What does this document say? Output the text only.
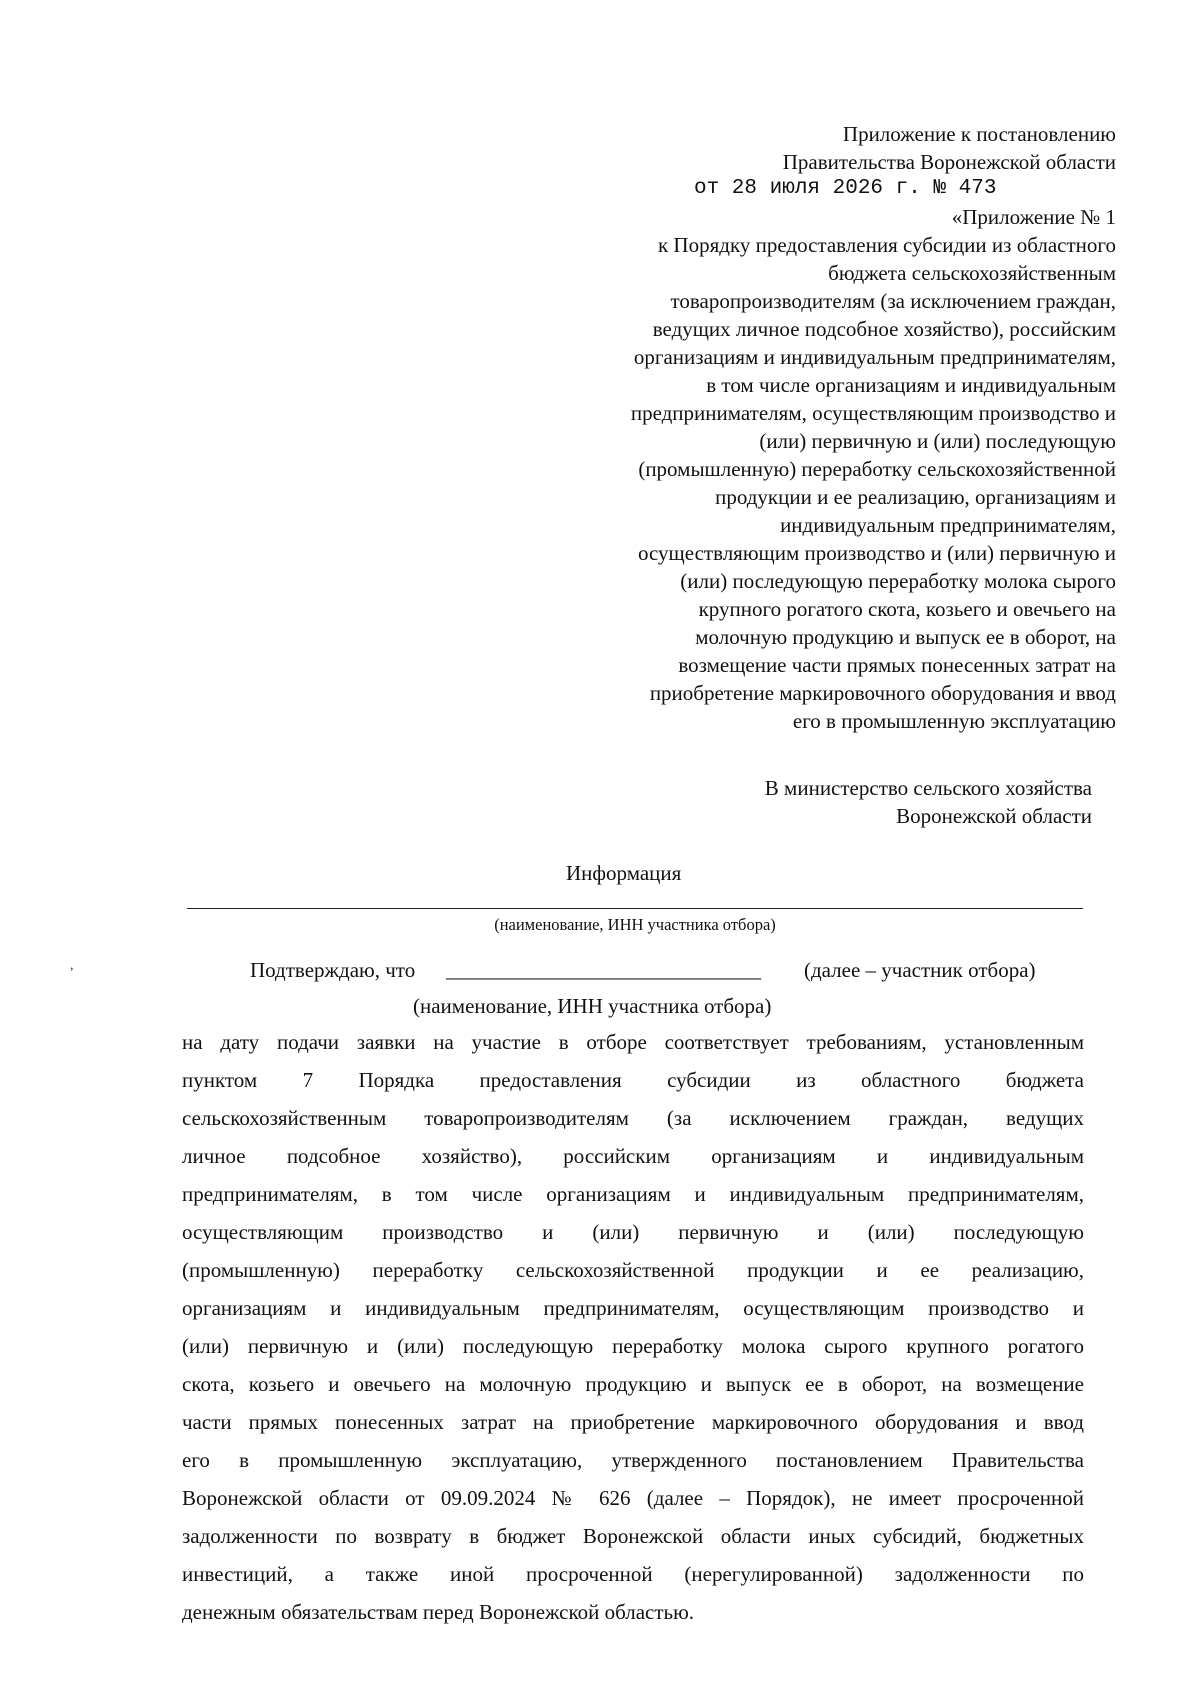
Приложение к постановлению

Правительства Воронежской области

от 28 июля 2026 г. № 473

«Приложение № 1

к Порядку предоставления субсидии из областного

бюджета сельскохозяйственным

товаропроизводителям (за исключением граждан,

ведущих личное подсобное хозяйство), российским

организациям и индивидуальным предпринимателям,

в том числе организациям и индивидуальным

предпринимателям, осуществляющим производство и

(или) первичную и (или) последующую

(промышленную) переработку сельскохозяйственной

продукции и ее реализацию, организациям и

индивидуальным предпринимателям,

осуществляющим производство и (или) первичную и

(или) последующую переработку молока сырого

крупного рогатого скота, козьего и овечьего на

молочную продукцию и выпуск ее в оборот, на

возмещение части прямых понесенных затрат на

приобретение маркировочного оборудования и ввод

его в промышленную эксплуатацию

В министерство сельского хозяйства

Воронежской области

Информация

(наименование, ИНН участника отбора)

,	Подтверждаю, что ______________________________	(далее – участник отбора)

(наименование, ИНН участника отбора)

на дату подачи заявки на участие в отборе соответствует требованиям, установленным
пунктом 7 Порядка предоставления субсидии из областного бюджета
сельскохозяйственным товаропроизводителям (за исключением граждан, ведущих
личное подсобное хозяйство), российским организациям и индивидуальным
предпринимателям, в том числе организациям и индивидуальным предпринимателям,
осуществляющим производство и (или) первичную и (или) последующую
(промышленную) переработку сельскохозяйственной продукции и ее реализацию,
организациям и индивидуальным предпринимателям, осуществляющим производство и
(или) первичную и (или) последующую переработку молока сырого крупного рогатого
скота, козьего и овечьего на молочную продукцию и выпуск ее в оборот, на возмещение
части прямых понесенных затрат на приобретение маркировочного оборудования и ввод
его в промышленную эксплуатацию, утвержденного постановлением Правительства
Воронежской области от 09.09.2024 № 626 (далее – Порядок), не имеет просроченной
задолженности по возврату в бюджет Воронежской области иных субсидий, бюджетных
инвестиций, а также иной просроченной (нерегулированной) задолженности по
денежным обязательствам перед Воронежской областью.
